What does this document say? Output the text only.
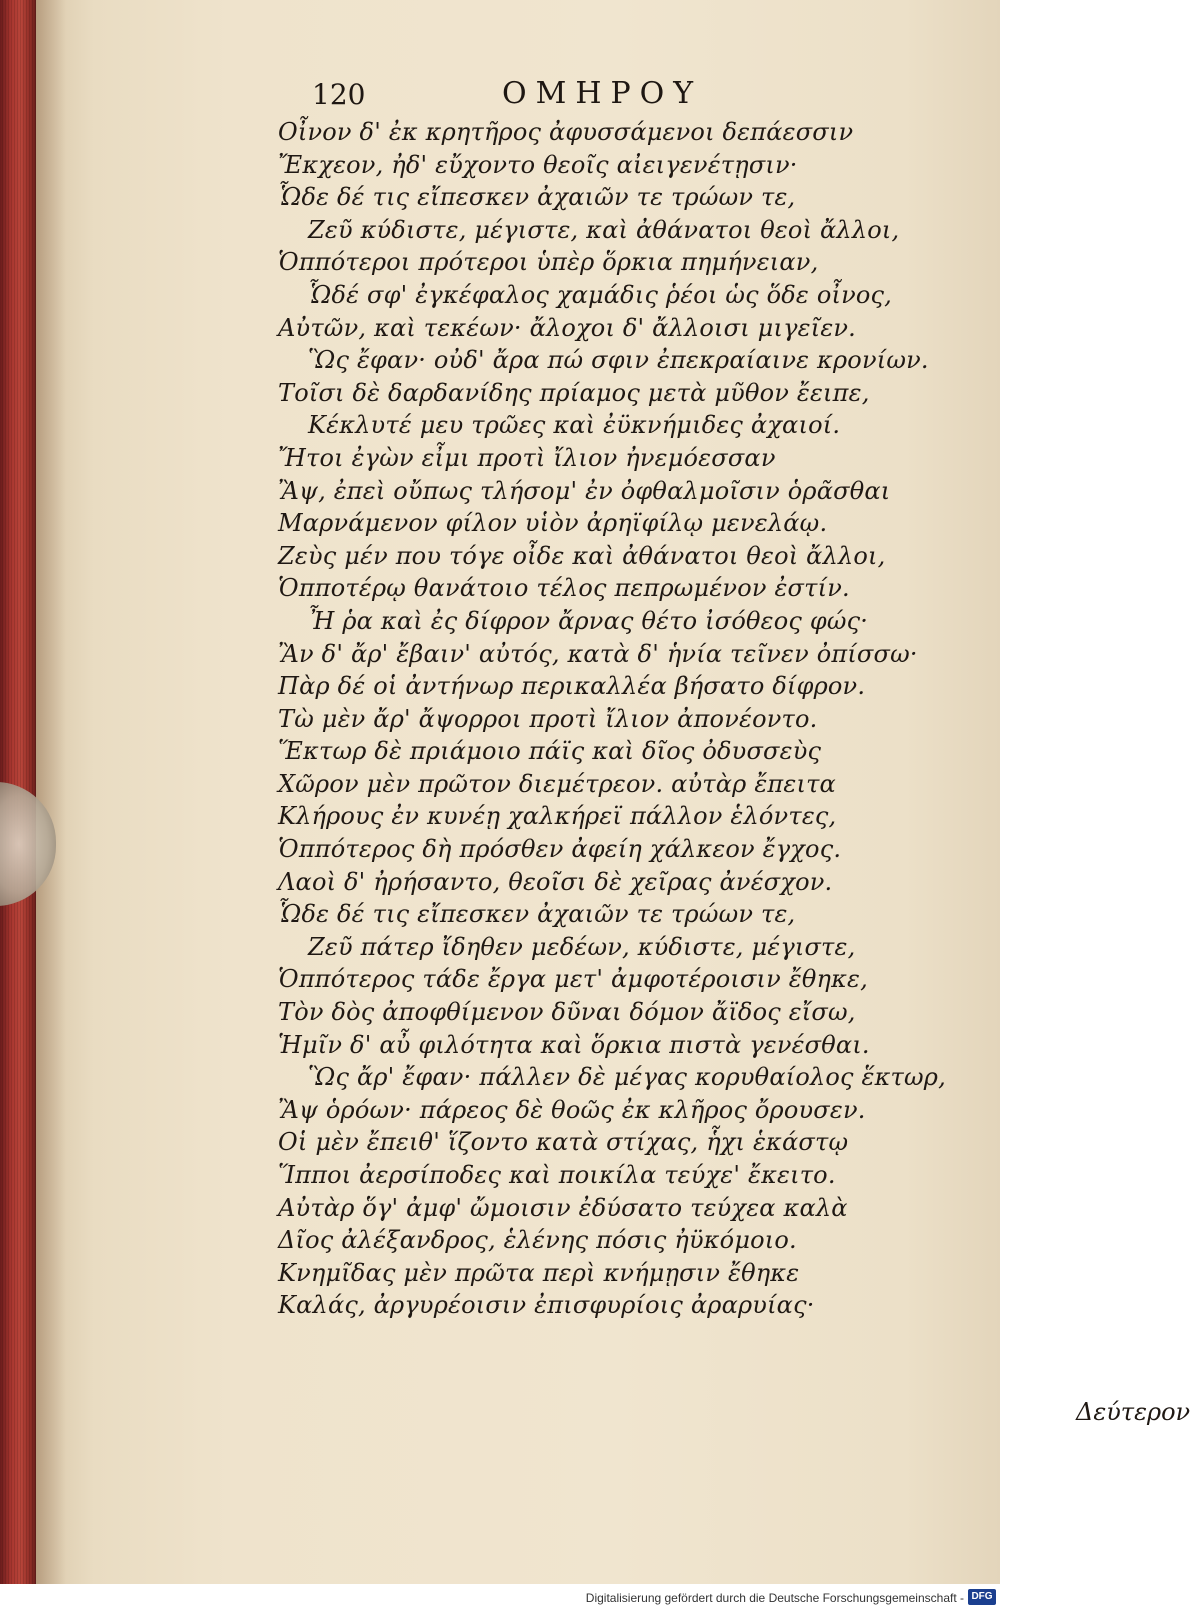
120	ΟΜΗΡΟΥ
Οἶνον δ' ἐκ κρητῆρος ἀφυσσάμενοι δεπάεσσιν
Ἔκχεον, ἠδ' εὔχοντο θεοῖς αἰειγενέτῃσιν·
Ὧδε δέ τις εἴπεσκεν ἀχαιῶν τε τρώων τε,
Ζεῦ κύδιστε, μέγιστε, καὶ ἀθάνατοι θεοὶ ἄλλοι,
Ὁππότεροι πρότεροι ὑπὲρ ὅρκια πημήνειαν,
Ὧδέ σφ' ἐγκέφαλος χαμάδις ῥέοι ὡς ὅδε οἶνος,
Αὐτῶν, καὶ τεκέων· ἄλοχοι δ' ἄλλοισι μιγεῖεν.
Ὣς ἔφαν· οὐδ' ἄρα πώ σφιν ἐπεκραίαινε κρονίων.
Τοῖσι δὲ δαρδανίδης πρίαμος μετὰ μῦθον ἔειπε,
Κέκλυτέ μευ τρῶες καὶ ἐϋκνήμιδες ἀχαιοί.
Ἤτοι ἐγὼν εἶμι προτὶ ἴλιον ἠνεμόεσσαν
Ἂψ, ἐπεὶ οὔπως τλήσομ' ἐν ὀφθαλμοῖσιν ὁρᾶσθαι
Μαρνάμενον φίλον υἱὸν ἀρηϊφίλῳ μενελάῳ.
Ζεὺς μέν που τόγε οἶδε καὶ ἀθάνατοι θεοὶ ἄλλοι,
Ὁπποτέρῳ θανάτοιο τέλος πεπρωμένον ἐστίν.
Ἦ ῥα καὶ ἐς δίφρον ἄρνας θέτο ἰσόθεος φώς·
Ἂν δ' ἄρ' ἔβαιν' αὐτός, κατὰ δ' ἡνία τεῖνεν ὀπίσσω·
Πὰρ δέ οἱ ἀντήνωρ περικαλλέα βήσατο δίφρον.
Τὼ μὲν ἄρ' ἄψορροι προτὶ ἴλιον ἀπονέοντο.
Ἕκτωρ δὲ πριάμοιο πάϊς καὶ δῖος ὀδυσσεὺς
Χῶρον μὲν πρῶτον διεμέτρεον. αὐτὰρ ἔπειτα
Κλήρους ἐν κυνέῃ χαλκήρεϊ πάλλον ἑλόντες,
Ὁππότερος δὴ πρόσθεν ἀφείη χάλκεον ἔγχος.
Λαοὶ δ' ἠρήσαντο, θεοῖσι δὲ χεῖρας ἀνέσχον.
Ὧδε δέ τις εἴπεσκεν ἀχαιῶν τε τρώων τε,
Ζεῦ πάτερ ἴδηθεν μεδέων, κύδιστε, μέγιστε,
Ὁππότερος τάδε ἔργα μετ' ἀμφοτέροισιν ἔθηκε,
Τὸν δὸς ἀποφθίμενον δῦναι δόμον ἄϊδος εἴσω,
Ἡμῖν δ' αὖ φιλότητα καὶ ὅρκια πιστὰ γενέσθαι.
Ὣς ἄρ' ἔφαν· πάλλεν δὲ μέγας κορυθαίολος ἕκτωρ,
Ἂψ ὁρόων· πάρεος δὲ θοῶς ἐκ κλῆρος ὄρουσεν.
Οἱ μὲν ἔπειθ' ἵζοντο κατὰ στίχας, ἧχι ἑκάστῳ
Ἵπποι ἀερσίποδες καὶ ποικίλα τεύχε' ἔκειτο.
Αὐτὰρ ὅγ' ἀμφ' ὤμοισιν ἐδύσατο τεύχεα καλὰ
Δῖος ἀλέξανδρος, ἑλένης πόσις ἠϋκόμοιο.
Κνημῖδας μὲν πρῶτα περὶ κνήμῃσιν ἔθηκε
Καλάς, ἀργυρέοισιν ἐπισφυρίοις ἀραρυίας·
Δεύτερον
Digitalisierung gefördert durch die Deutsche Forschungsgemeinschaft - DFG
